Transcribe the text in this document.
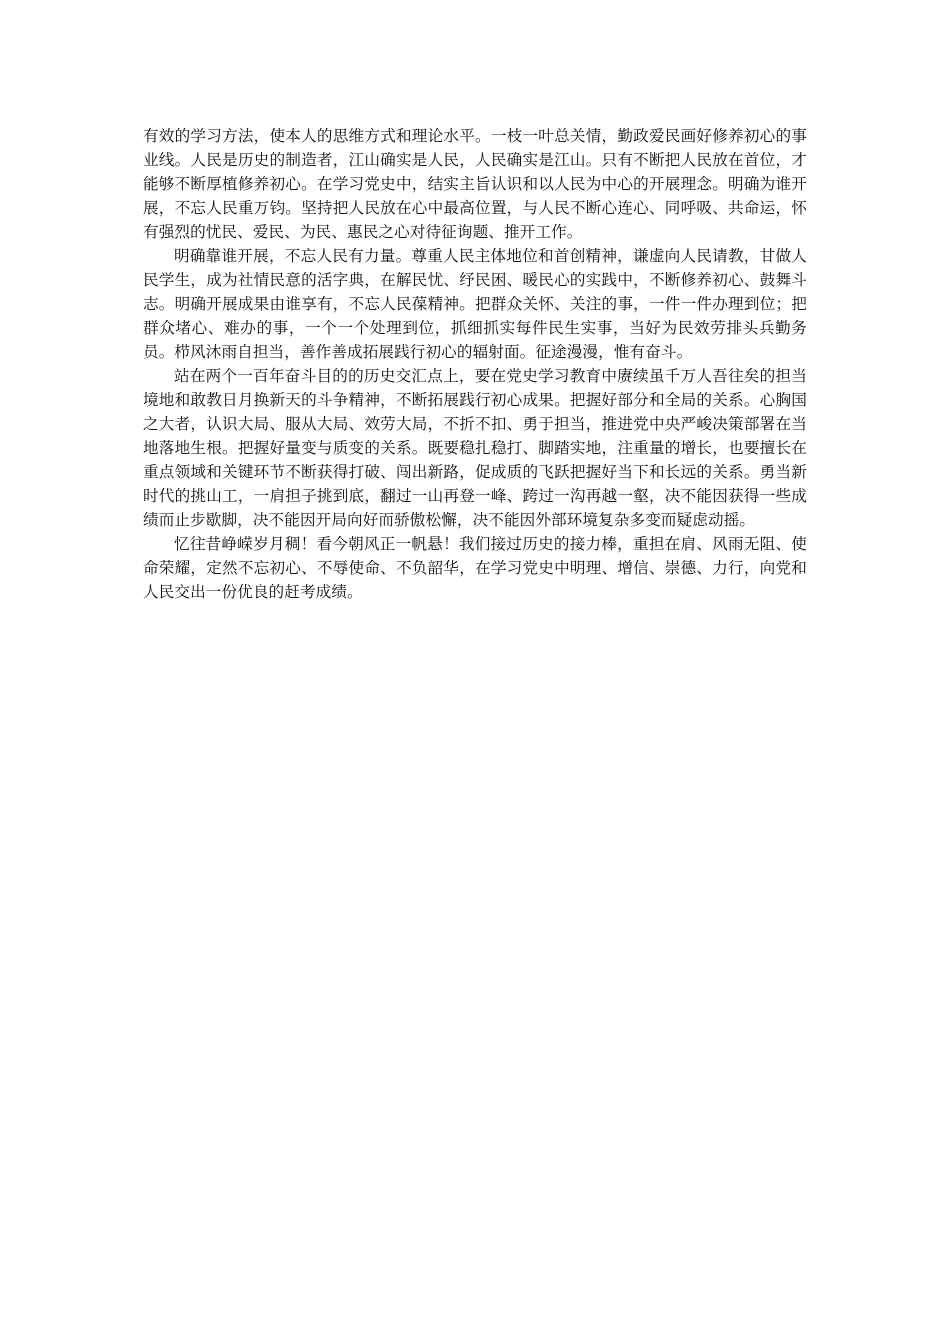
有效的学习方法，使本人的思维方式和理论水平。一枝一叶总关情，勤政爱民画好修养初心的事业线。人民是历史的制造者，江山确实是人民，人民确实是江山。只有不断把人民放在首位，才能够不断厚植修养初心。在学习党史中，结实主旨认识和以人民为中心的开展理念。明确为谁开展，不忘人民重万钧。坚持把人民放在心中最高位置，与人民不断心连心、同呼吸、共命运，怀有强烈的忧民、爱民、为民、惠民之心对待征询题、推开工作。

明确靠谁开展，不忘人民有力量。尊重人民主体地位和首创精神，谦虚向人民请教，甘做人民学生，成为社情民意的活字典，在解民忧、纾民困、暖民心的实践中，不断修养初心、鼓舞斗志。明确开展成果由谁享有，不忘人民葆精神。把群众关怀、关注的事，一件一件办理到位；把群众堵心、难办的事，一个一个处理到位，抓细抓实每件民生实事，当好为民效劳排头兵勤务员。栉风沐雨自担当，善作善成拓展践行初心的辐射面。征途漫漫，惟有奋斗。

站在两个一百年奋斗目的的历史交汇点上，要在党史学习教育中赓续虽千万人吾往矣的担当境地和敢教日月换新天的斗争精神，不断拓展践行初心成果。把握好部分和全局的关系。心胸国之大者，认识大局、服从大局、效劳大局，不折不扣、勇于担当，推进党中央严峻决策部署在当地落地生根。把握好量变与质变的关系。既要稳扎稳打、脚踏实地，注重量的增长，也要擅长在重点领域和关键环节不断获得打破、闯出新路，促成质的飞跃把握好当下和长远的关系。勇当新时代的挑山工，一肩担子挑到底，翻过一山再登一峰、跨过一沟再越一壑，决不能因获得一些成绩而止步歇脚，决不能因开局向好而骄傲松懈，决不能因外部环境复杂多变而疑虑动摇。

忆往昔峥嵘岁月稠！看今朝风正一帆悬！我们接过历史的接力棒，重担在肩、风雨无阻、使命荣耀，定然不忘初心、不辱使命、不负韶华，在学习党史中明理、增信、崇德、力行，向党和人民交出一份优良的赶考成绩。
